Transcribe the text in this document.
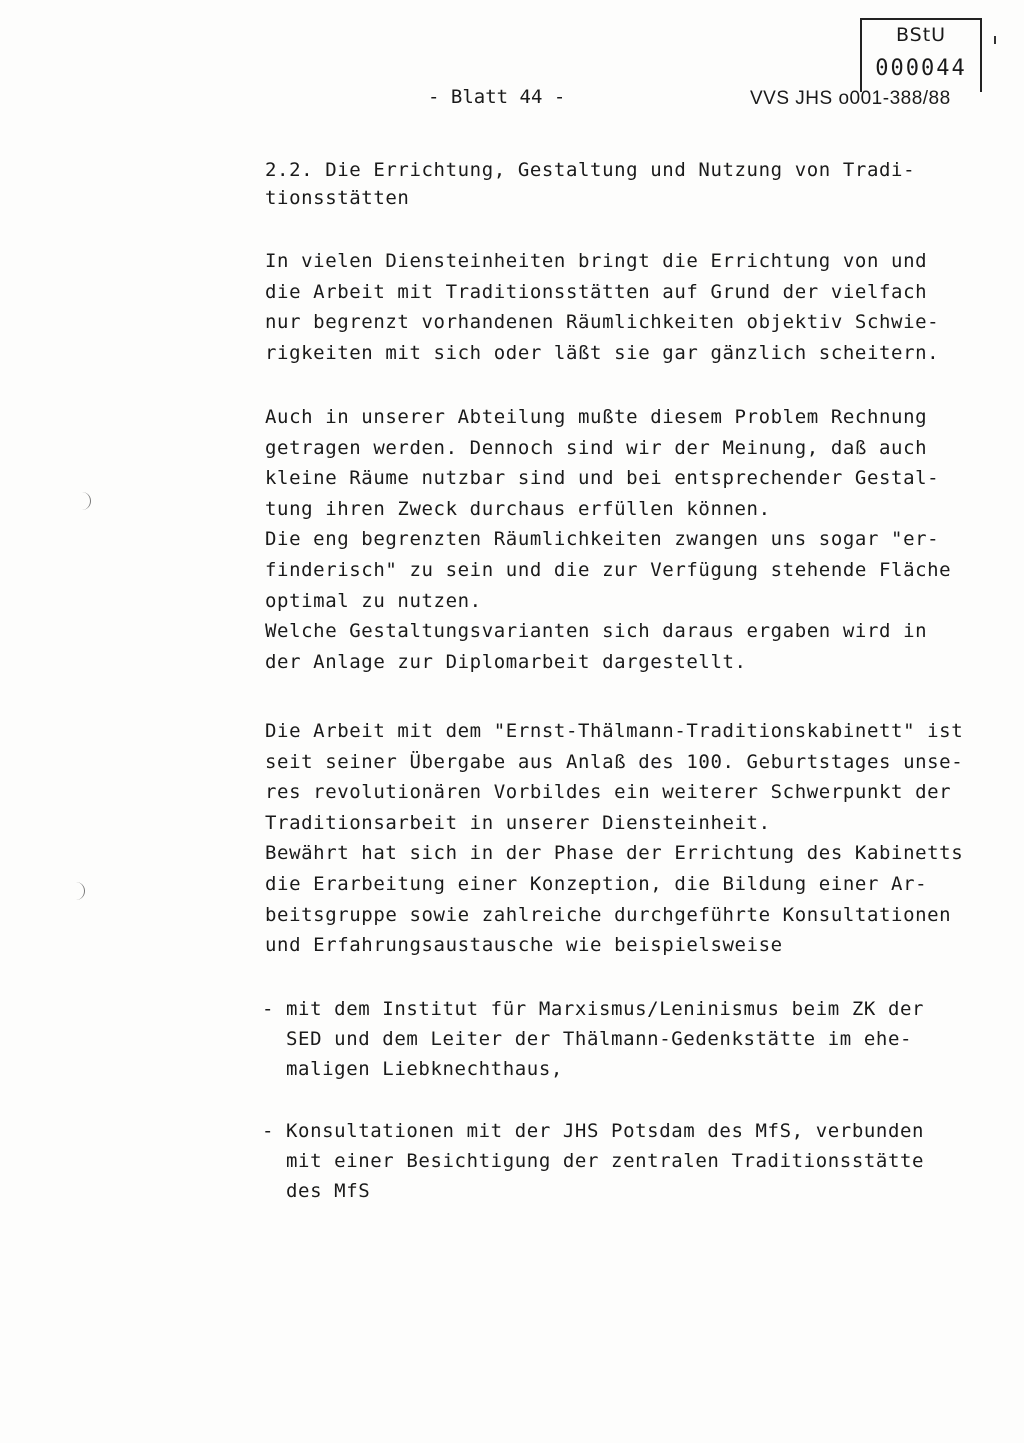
BStU
000044
- Blatt 44 -	VVS JHS o001-388/88
2.2. Die Errichtung, Gestaltung und Nutzung von Tradi-
tionsstätten
In vielen Diensteinheiten bringt die Errichtung von und
die Arbeit mit Traditionsstätten auf Grund der vielfach
nur begrenzt vorhandenen Räumlichkeiten objektiv Schwie-
rigkeiten mit sich oder läßt sie gar gänzlich scheitern.
Auch in unserer Abteilung mußte diesem Problem Rechnung
getragen werden. Dennoch sind wir der Meinung, daß auch
kleine Räume nutzbar sind und bei entsprechender Gestal-
tung ihren Zweck durchaus erfüllen können.
Die eng begrenzten Räumlichkeiten zwangen uns sogar "er-
finderisch" zu sein und die zur Verfügung stehende Fläche
optimal zu nutzen.
Welche Gestaltungsvarianten sich daraus ergaben wird in
der Anlage zur Diplomarbeit dargestellt.
Die Arbeit mit dem "Ernst-Thälmann-Traditionskabinett" ist
seit seiner Übergabe aus Anlaß des 100. Geburtstages unse-
res revolutionären Vorbildes ein weiterer Schwerpunkt der
Traditionsarbeit in unserer Diensteinheit.
Bewährt hat sich in der Phase der Errichtung des Kabinetts
die Erarbeitung einer Konzeption, die Bildung einer Ar-
beitsgruppe sowie zahlreiche durchgeführte Konsultationen
und Erfahrungsaustausche wie beispielsweise
- mit dem Institut für Marxismus/Leninismus beim ZK der
SED und dem Leiter der Thälmann-Gedenkstätte im ehe-
maligen Liebknechthaus,
- Konsultationen mit der JHS Potsdam des MfS, verbunden
mit einer Besichtigung der zentralen Traditionsstätte
des MfS
